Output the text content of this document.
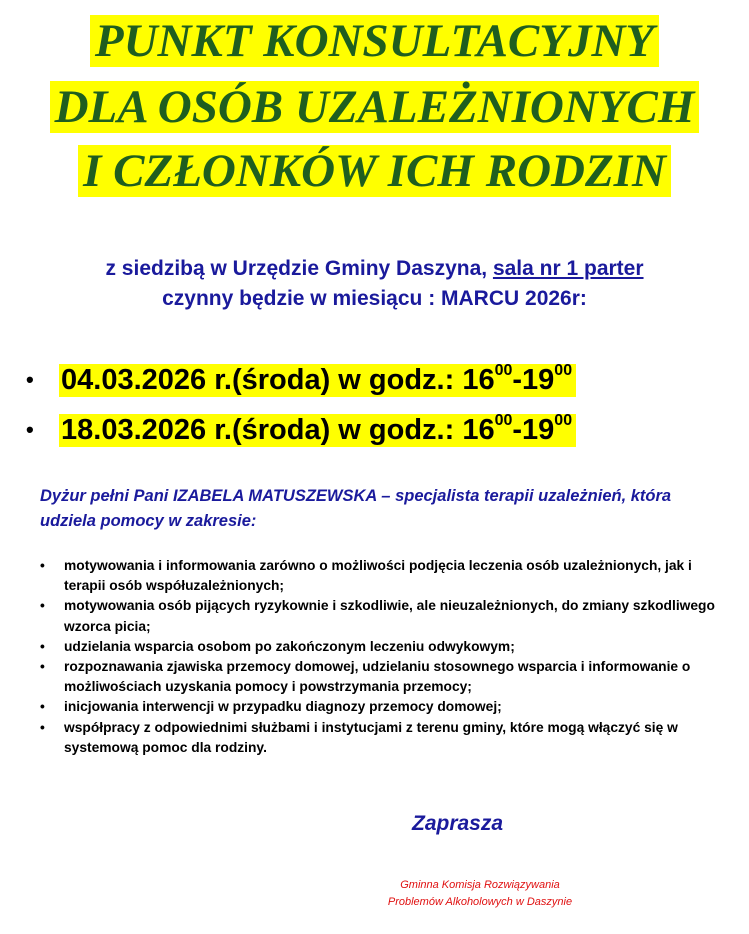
PUNKT KONSULTACYJNY
DLA OSÓB UZALEŻNIONYCH
I CZŁONKÓW ICH RODZIN
z siedzibą w Urzędzie Gminy Daszyna, sala nr 1 parter
czynny będzie w miesiącu : MARCU 2026r:
• 04.03.2026 r.(środa) w godz.: $16^{00}-19^{00}$
• 18.03.2026 r.(środa) w godz.: $16^{00}-19^{00}$
Dyżur pełni Pani IZABELA MATUSZEWSKA – specjalista terapii uzależnień, która udziela pomocy w zakresie:
• motywowania i informowania zarówno o możliwości podjęcia leczenia osób uzależnionych, jak i terapii osób współuzależnionych;
• motywowania osób pijących ryzykownie i szkodliwie, ale nieuzależnionych, do zmiany szkodliwego wzorca picia;
• udzielania wsparcia osobom po zakończonym leczeniu odwykowym;
• rozpoznawania zjawiska przemocy domowej, udzielaniu stosownego wsparcia i informowanie o możliwościach uzyskania pomocy i powstrzymania przemocy;
• inicjowania interwencji w przypadku diagnozy przemocy domowej;
• współpracy z odpowiednimi służbami i instytucjami z terenu gminy, które mogą włączyć się w systemową pomoc dla rodziny.
Zaprasza
Gminna Komisja Rozwiązywania
Problemów Alkoholowych w Daszynie
